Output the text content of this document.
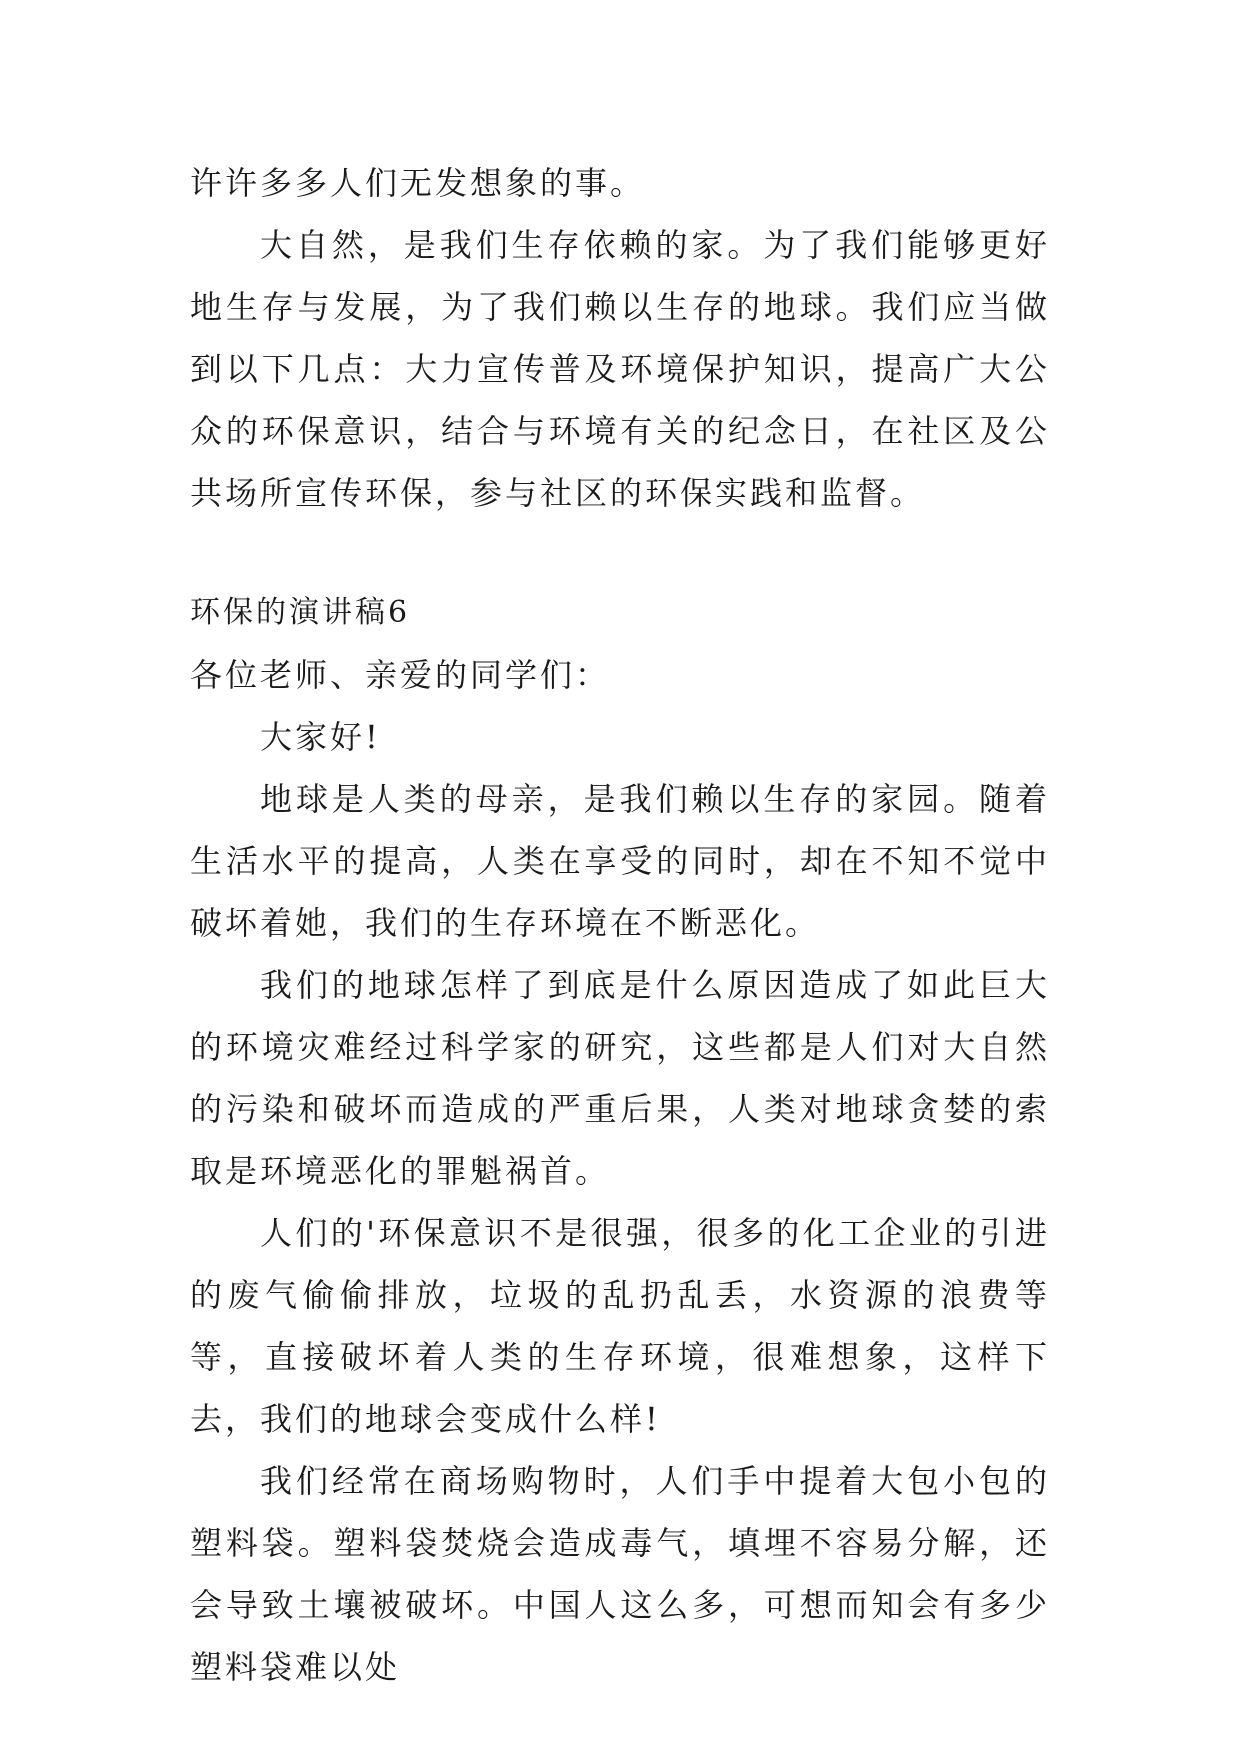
许许多多人们无发想象的事。

大自然，是我们生存依赖的家。为了我们能够更好地生存与发展，为了我们赖以生存的地球。我们应当做到以下几点：大力宣传普及环境保护知识，提高广大公众的环保意识，结合与环境有关的纪念日，在社区及公共场所宣传环保，参与社区的环保实践和监督。

环保的演讲稿6

各位老师、亲爱的同学们：

大家好!

地球是人类的母亲，是我们赖以生存的家园。随着生活水平的提高，人类在享受的同时，却在不知不觉中破坏着她，我们的生存环境在不断恶化。

我们的地球怎样了到底是什么原因造成了如此巨大的环境灾难经过科学家的研究，这些都是人们对大自然的污染和破坏而造成的严重后果，人类对地球贪婪的索取是环境恶化的罪魁祸首。

人们的'环保意识不是很强，很多的化工企业的引进的废气偷偷排放，垃圾的乱扔乱丢，水资源的浪费等等，直接破坏着人类的生存环境，很难想象，这样下去，我们的地球会变成什么样!

我们经常在商场购物时，人们手中提着大包小包的塑料袋。塑料袋焚烧会造成毒气，填埋不容易分解，还会导致土壤被破坏。中国人这么多，可想而知会有多少塑料袋难以处
